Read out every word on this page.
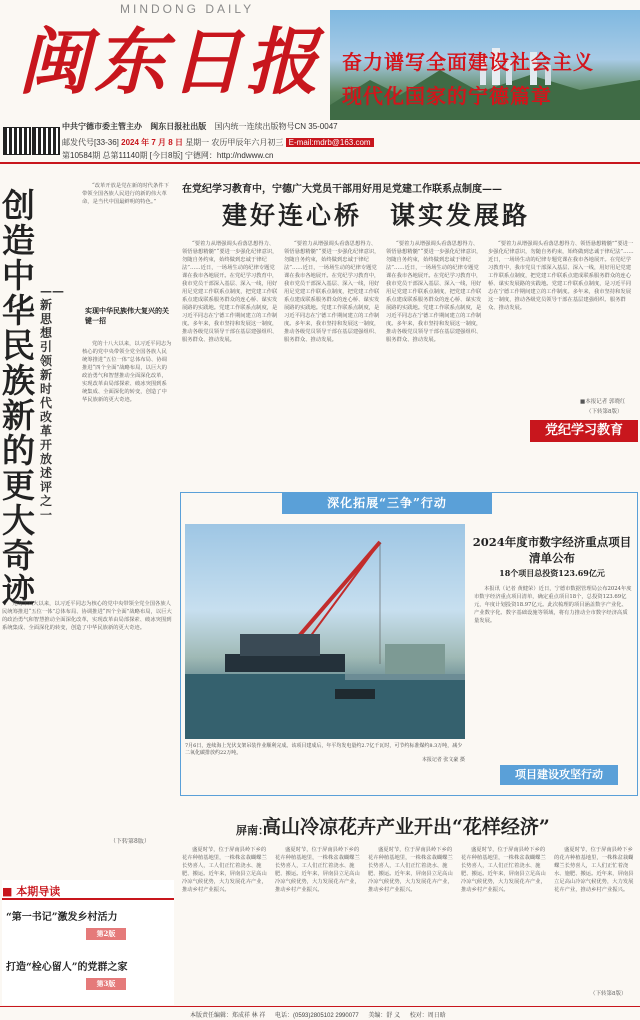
MINDONG DAILY
闽东日报 奋力谱写全面建设社会主义
现代化国家的宁德篇章
中共宁德市委主管主办 闽东日报社出版 国内统一连续出版物号CN 35-0047
邮发代号[33-36] 2024 年 7 月 8 日 星期一 农历甲辰年六月初三 E-mail:mdrb@163.com
第10584期 总第11140期 [今日8版] 宁德网：http://ndwww.cn
创造中华民族新的更大奇迹
——新思想引领新时代改革开放述评之一
“改革开放是党在新的时代条件下带领全国各族人民进行的新的伟大革命，是当代中国最鲜明的特色。”
实现中华民族伟大复兴的关键一招
党的十八大以来，以习近平同志为核心的党中央带领全党全国各族人民统筹推进“五位一体”总体布局、协调推进“四个全面”战略布局，以巨大的政治勇气和智慧推动全面深化改革，实现改革由局部探索、破冰突围到系统集成、全面深化的转变，创造了中华民族新的更大奇迹。
党的十八大以来，以习近平同志为核心的党中央带领全党全国各族人民统筹推进“五位一体”总体布局、协调推进“四个全面”战略布局，以巨大的政治勇气和智慧推动全面深化改革，实现改革由局部探索、破冰突围到系统集成、全面深化的转变，创造了中华民族新的更大奇迹。
（下转第8版）
在党纪学习教育中，宁德广大党员干部用好用足党建工作联系点制度——
建好连心桥　谋实发展路
“要着力从增强调头看落思想得力、领悟悬想精髓”“要进一步强化纪律意识，勿随自务约束，始终做到忠诚于律纪法”……近日，一场场生动的纪律专题党课在我市各地展开。在党纪学习教育中，我市党员干部深入基层、深入一线，用好用足党建工作联系点制度，把党建工作联系点建成联系服务群众的连心桥、谋实发展路的实践地。党建工作联系点制度，是习近平同志在宁德工作期间建立的工作制度。多年来，我市坚持和发展这一制度，推动各级党员领导干部在基层建强组织、服务群众、推动发展。
“要着力从增强调头看落思想得力、领悟悬想精髓”“要进一步强化纪律意识，勿随自务约束，始终做到忠诚于律纪法”……近日，一场场生动的纪律专题党课在我市各地展开。在党纪学习教育中，我市党员干部深入基层、深入一线，用好用足党建工作联系点制度，把党建工作联系点建成联系服务群众的连心桥、谋实发展路的实践地。党建工作联系点制度，是习近平同志在宁德工作期间建立的工作制度。多年来，我市坚持和发展这一制度，推动各级党员领导干部在基层建强组织、服务群众、推动发展。
“要着力从增强调头看落思想得力、领悟悬想精髓”“要进一步强化纪律意识，勿随自务约束，始终做到忠诚于律纪法”……近日，一场场生动的纪律专题党课在我市各地展开。在党纪学习教育中，我市党员干部深入基层、深入一线，用好用足党建工作联系点制度，把党建工作联系点建成联系服务群众的连心桥、谋实发展路的实践地。党建工作联系点制度，是习近平同志在宁德工作期间建立的工作制度。多年来，我市坚持和发展这一制度，推动各级党员领导干部在基层建强组织、服务群众、推动发展。
“要着力从增强调头看落思想得力、领悟悬想精髓”“要进一步强化纪律意识，勿随自务约束，始终做到忠诚于律纪法”……近日，一场场生动的纪律专题党课在我市各地展开。在党纪学习教育中，我市党员干部深入基层、深入一线，用好用足党建工作联系点制度，把党建工作联系点建成联系服务群众的连心桥、谋实发展路的实践地。党建工作联系点制度，是习近平同志在宁德工作期间建立的工作制度。多年来，我市坚持和发展这一制度，推动各级党员领导干部在基层建强组织、服务群众、推动发展。
■本报记者 郭晓红
（下转第8版）
党纪学习教育
深化拓展“三争”行动
7月6日，连续海上光伏支架吊装作业顺利完成。该项目建成后，年平均发电量约2.7亿千瓦时，可节约标准煤约8.3万吨，减少二氧化碳排放约22万吨。
本报记者 张文豪 摄
2024年度市数字经济重点项目清单公布
18个项目总投资123.69亿元
本报讯（记者 黄健荣）近日，宁德市数据管理局公布2024年度市数字经济重点项目清单，确定重点项目18个，总投资123.69亿元，年度计划投资18.97亿元。此次梳理的项目涵盖数字产业化、产业数字化、数字基础设施等领域，将有力推动全市数字经济高质量发展。
项目建设攻坚行动
屏南：
高山冷凉花卉产业开出“花样经济”
盛夏时节，位于屏南县岭下乡的花卉种植基地里，一株株盆栽蝴蝶兰长势喜人，工人们正忙着浇水、施肥、搬运。近年来，屏南县立足高山冷凉气候优势，大力发展花卉产业，推动乡村产业振兴。
盛夏时节，位于屏南县岭下乡的花卉种植基地里，一株株盆栽蝴蝶兰长势喜人，工人们正忙着浇水、施肥、搬运。近年来，屏南县立足高山冷凉气候优势，大力发展花卉产业，推动乡村产业振兴。
盛夏时节，位于屏南县岭下乡的花卉种植基地里，一株株盆栽蝴蝶兰长势喜人，工人们正忙着浇水、施肥、搬运。近年来，屏南县立足高山冷凉气候优势，大力发展花卉产业，推动乡村产业振兴。
盛夏时节，位于屏南县岭下乡的花卉种植基地里，一株株盆栽蝴蝶兰长势喜人，工人们正忙着浇水、施肥、搬运。近年来，屏南县立足高山冷凉气候优势，大力发展花卉产业，推动乡村产业振兴。
盛夏时节，位于屏南县岭下乡的花卉种植基地里，一株株盆栽蝴蝶兰长势喜人，工人们正忙着浇水、施肥、搬运。近年来，屏南县立足高山冷凉气候优势，大力发展花卉产业，推动乡村产业振兴。
（下转第8版）
■ 本期导读
“第一书记”激发乡村活力
第2版
打造“栓心留人”的党群之家
第3版
本版责任编辑：郑成祥 林 祥 电话：(0593)2805102 2990077 美编：舒 义 校对：周日晗
